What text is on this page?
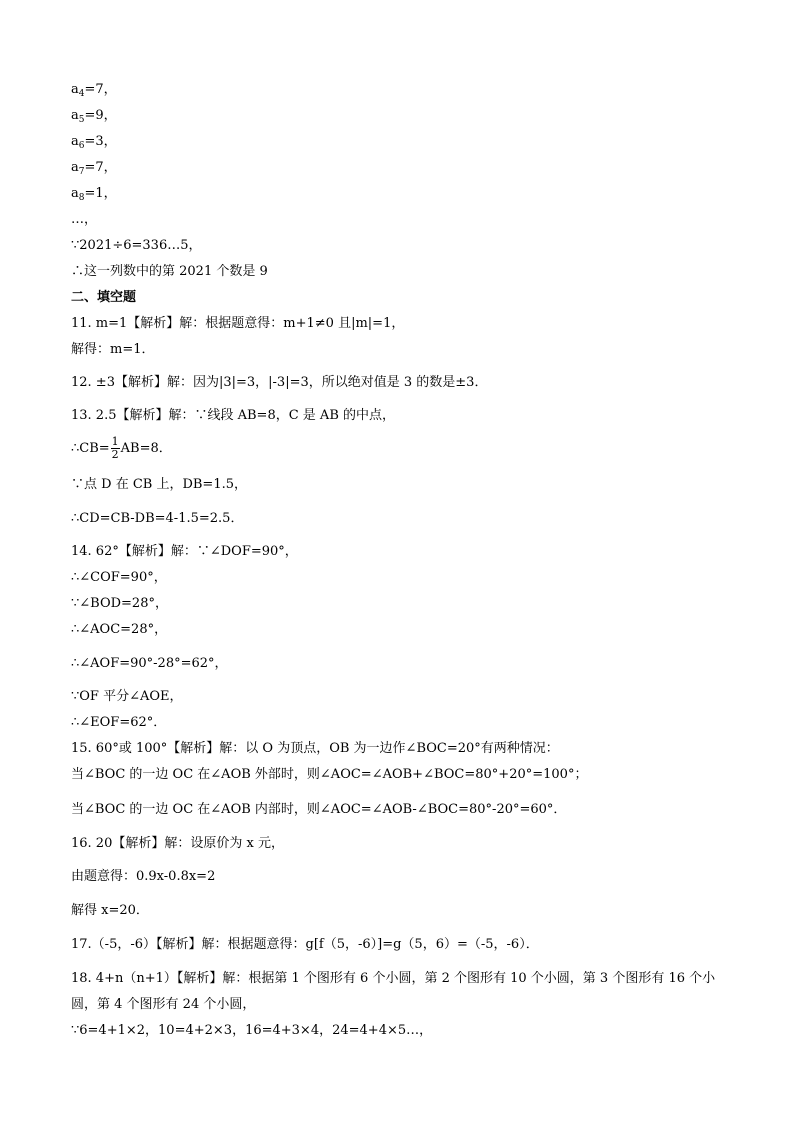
$a_4=7$，
$a_5=9$，
$a_6=3$，
$a_7=7$，
$a_8=1$，
…，
∵2021÷6=336…5，
∴这一列数中的第 2021 个数是 9
二、填空题
11. m=1【解析】解：根据题意得：m+1≠0 且|m|=1，
解得：m=1．
12. ±3【解析】解：因为|3|=3，|-3|=3，所以绝对值是 3 的数是±3．
13. 2.5【解析】解：∵线段 AB=8，C 是 AB 的中点，
∴CB= $\frac{1}{2} AB=8$．
∵点 D 在 CB 上，DB=1.5，
∴CD=CB-DB=4-1.5=2.5．
14. 62°【解析】解：∵∠DOF=90°，
∴∠COF=90°，
∵∠BOD=28°，
∴∠AOC=28°，
∴∠AOF=90°-28°=62°，
∵OF 平分∠AOE，
∴∠EOF=62°．
15. 60°或 100°【解析】解：以 O 为顶点，OB 为一边作∠BOC=20°有两种情况：
当∠BOC 的一边 OC 在∠AOB 外部时，则∠AOC=∠AOB+∠BOC=80°+20°=100°；
当∠BOC 的一边 OC 在∠AOB 内部时，则∠AOC=∠AOB-∠BOC=80°-20°=60°．
16. 20【解析】解：设原价为 x 元，
由题意得：0.9x-0.8x=2
解得 x=20．
17.（-5，-6）【解析】解：根据题意得：g[f（5，-6）]=g（5，6）=（-5，-6）．
18. 4+n（n+1）【解析】解：根据第 1 个图形有 6 个小圆，第 2 个图形有 10 个小圆，第 3 个图形有 16 个小
圆，第 4 个图形有 24 个小圆，
∵6=4+1×2，10=4+2×3，16=4+3×4，24=4+4×5…，
